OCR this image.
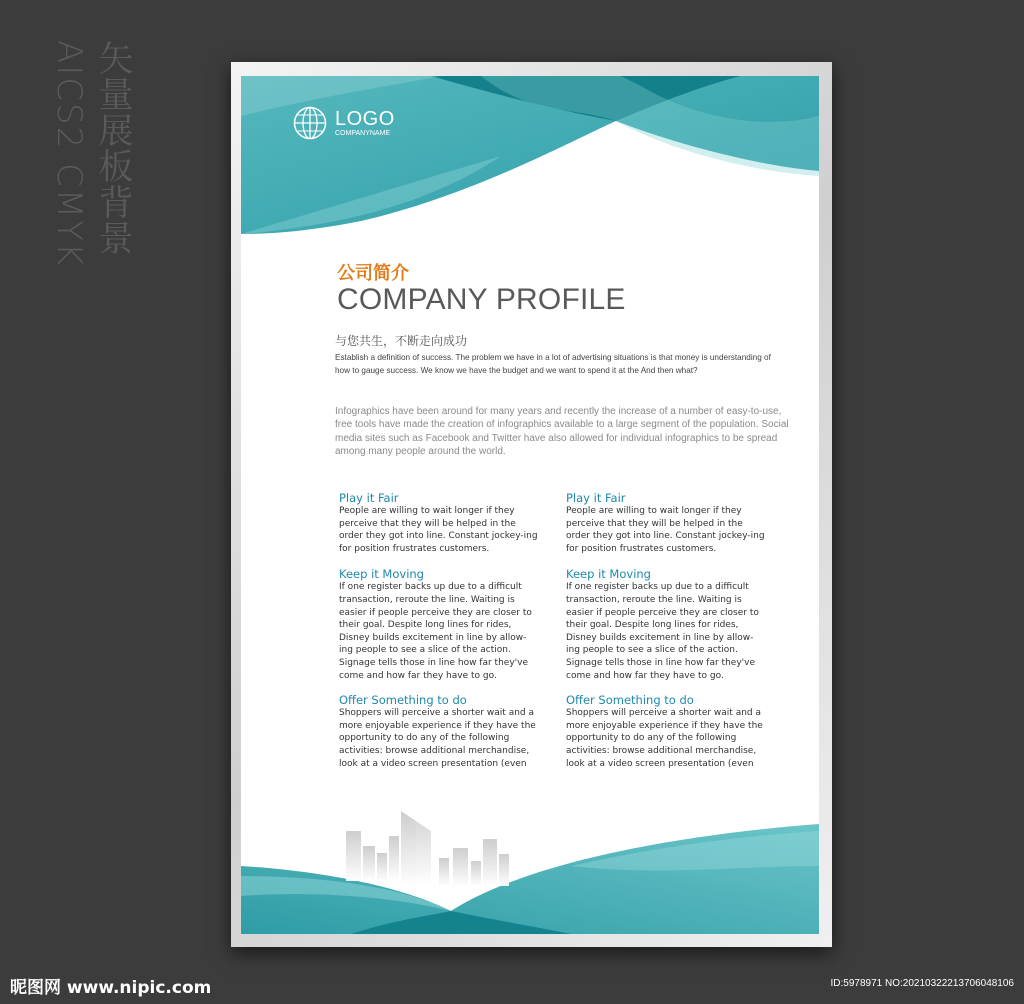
矢量展板背景
AICS2 CMYK	LOGO
COMPANYNAME
公司简介
COMPANY PROFILE
与您共生，不断走向成功
Establish a definition of success. The problem we have in a lot of advertising situations is that money is understanding of how to gauge success. We know we have the budget and we want to spend it at the And then what?
Infographics have been around for many years and recently the increase of a number of easy-to-use, free tools have made the creation of infographics available to a large segment of the population. Social media sites such as Facebook and Twitter have also allowed for individual infographics to be spread among many people around the world.

Play it Fair

People are willing to wait longer if they perceive that they will be helped in the order they got into line. Constant jockey-ing for position frustrates customers.

Keep it Moving

If one register backs up due to a difficult transaction, reroute the line. Waiting is easier if people perceive they are closer to their goal. Despite long lines for rides, Disney builds excitement in line by allow-ing people to see a slice of the action. Signage tells those in line how far they've come and how far they have to go.

Offer Something to do

Shoppers will perceive a shorter wait and a more enjoyable experience if they have the opportunity to do any of the following activities: browse additional merchandise, look at a video screen presentation (even

Play it Fair

People are willing to wait longer if they perceive that they will be helped in the order they got into line. Constant jockey-ing for position frustrates customers.

Keep it Moving

If one register backs up due to a difficult transaction, reroute the line. Waiting is easier if people perceive they are closer to their goal. Despite long lines for rides, Disney builds excitement in line by allow-ing people to see a slice of the action. Signage tells those in line how far they've come and how far they have to go.

Offer Something to do

Shoppers will perceive a shorter wait and a more enjoyable experience if they have the opportunity to do any of the following activities: browse additional merchandise, look at a video screen presentation (even

昵图网 www.nipic.com	ID:5978971 NO:20210322213706048106
